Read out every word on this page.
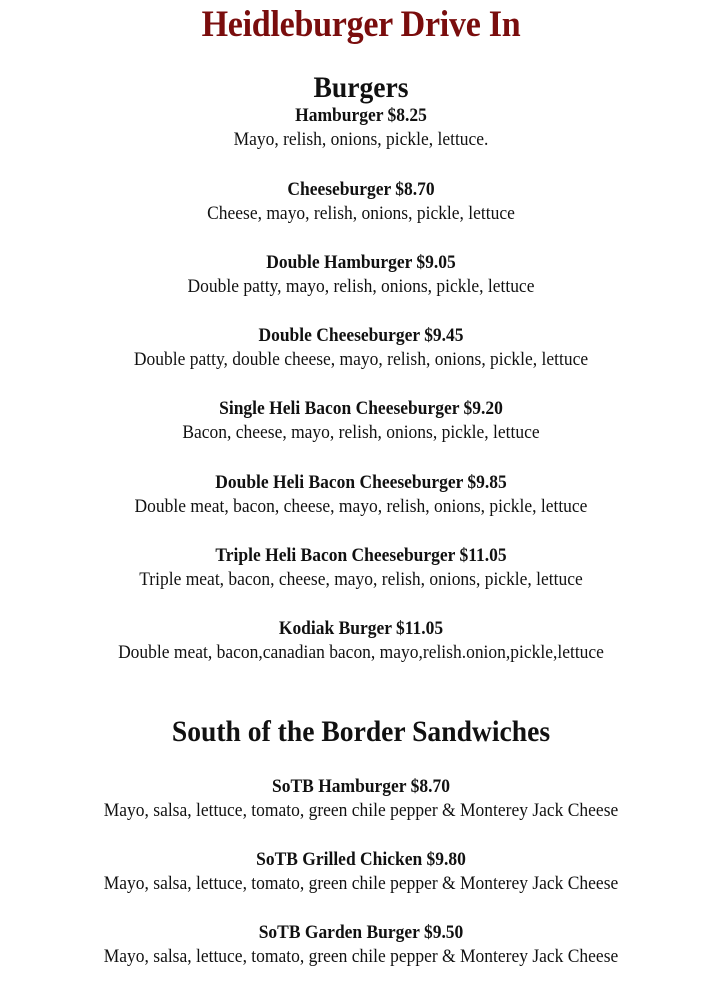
Heidleburger Drive In
Burgers
Hamburger $8.25
Mayo, relish, onions, pickle, lettuce.
Cheeseburger $8.70
Cheese, mayo, relish, onions, pickle, lettuce
Double Hamburger $9.05
Double patty, mayo, relish, onions, pickle, lettuce
Double Cheeseburger $9.45
Double patty, double cheese, mayo, relish, onions, pickle, lettuce
Single Heli Bacon Cheeseburger $9.20
Bacon, cheese, mayo, relish, onions, pickle, lettuce
Double Heli Bacon Cheeseburger $9.85
Double meat, bacon, cheese, mayo, relish, onions, pickle, lettuce
Triple Heli Bacon Cheeseburger $11.05
Triple meat, bacon, cheese, mayo, relish, onions, pickle, lettuce
Kodiak Burger $11.05
Double meat, bacon,canadian bacon, mayo,relish.onion,pickle,lettuce
South of the Border Sandwiches
SoTB Hamburger $8.70
Mayo, salsa, lettuce, tomato, green chile pepper & Monterey Jack Cheese
SoTB Grilled Chicken $9.80
Mayo, salsa, lettuce, tomato, green chile pepper & Monterey Jack Cheese
SoTB Garden Burger $9.50
Mayo, salsa, lettuce, tomato, green chile pepper & Monterey Jack Cheese
